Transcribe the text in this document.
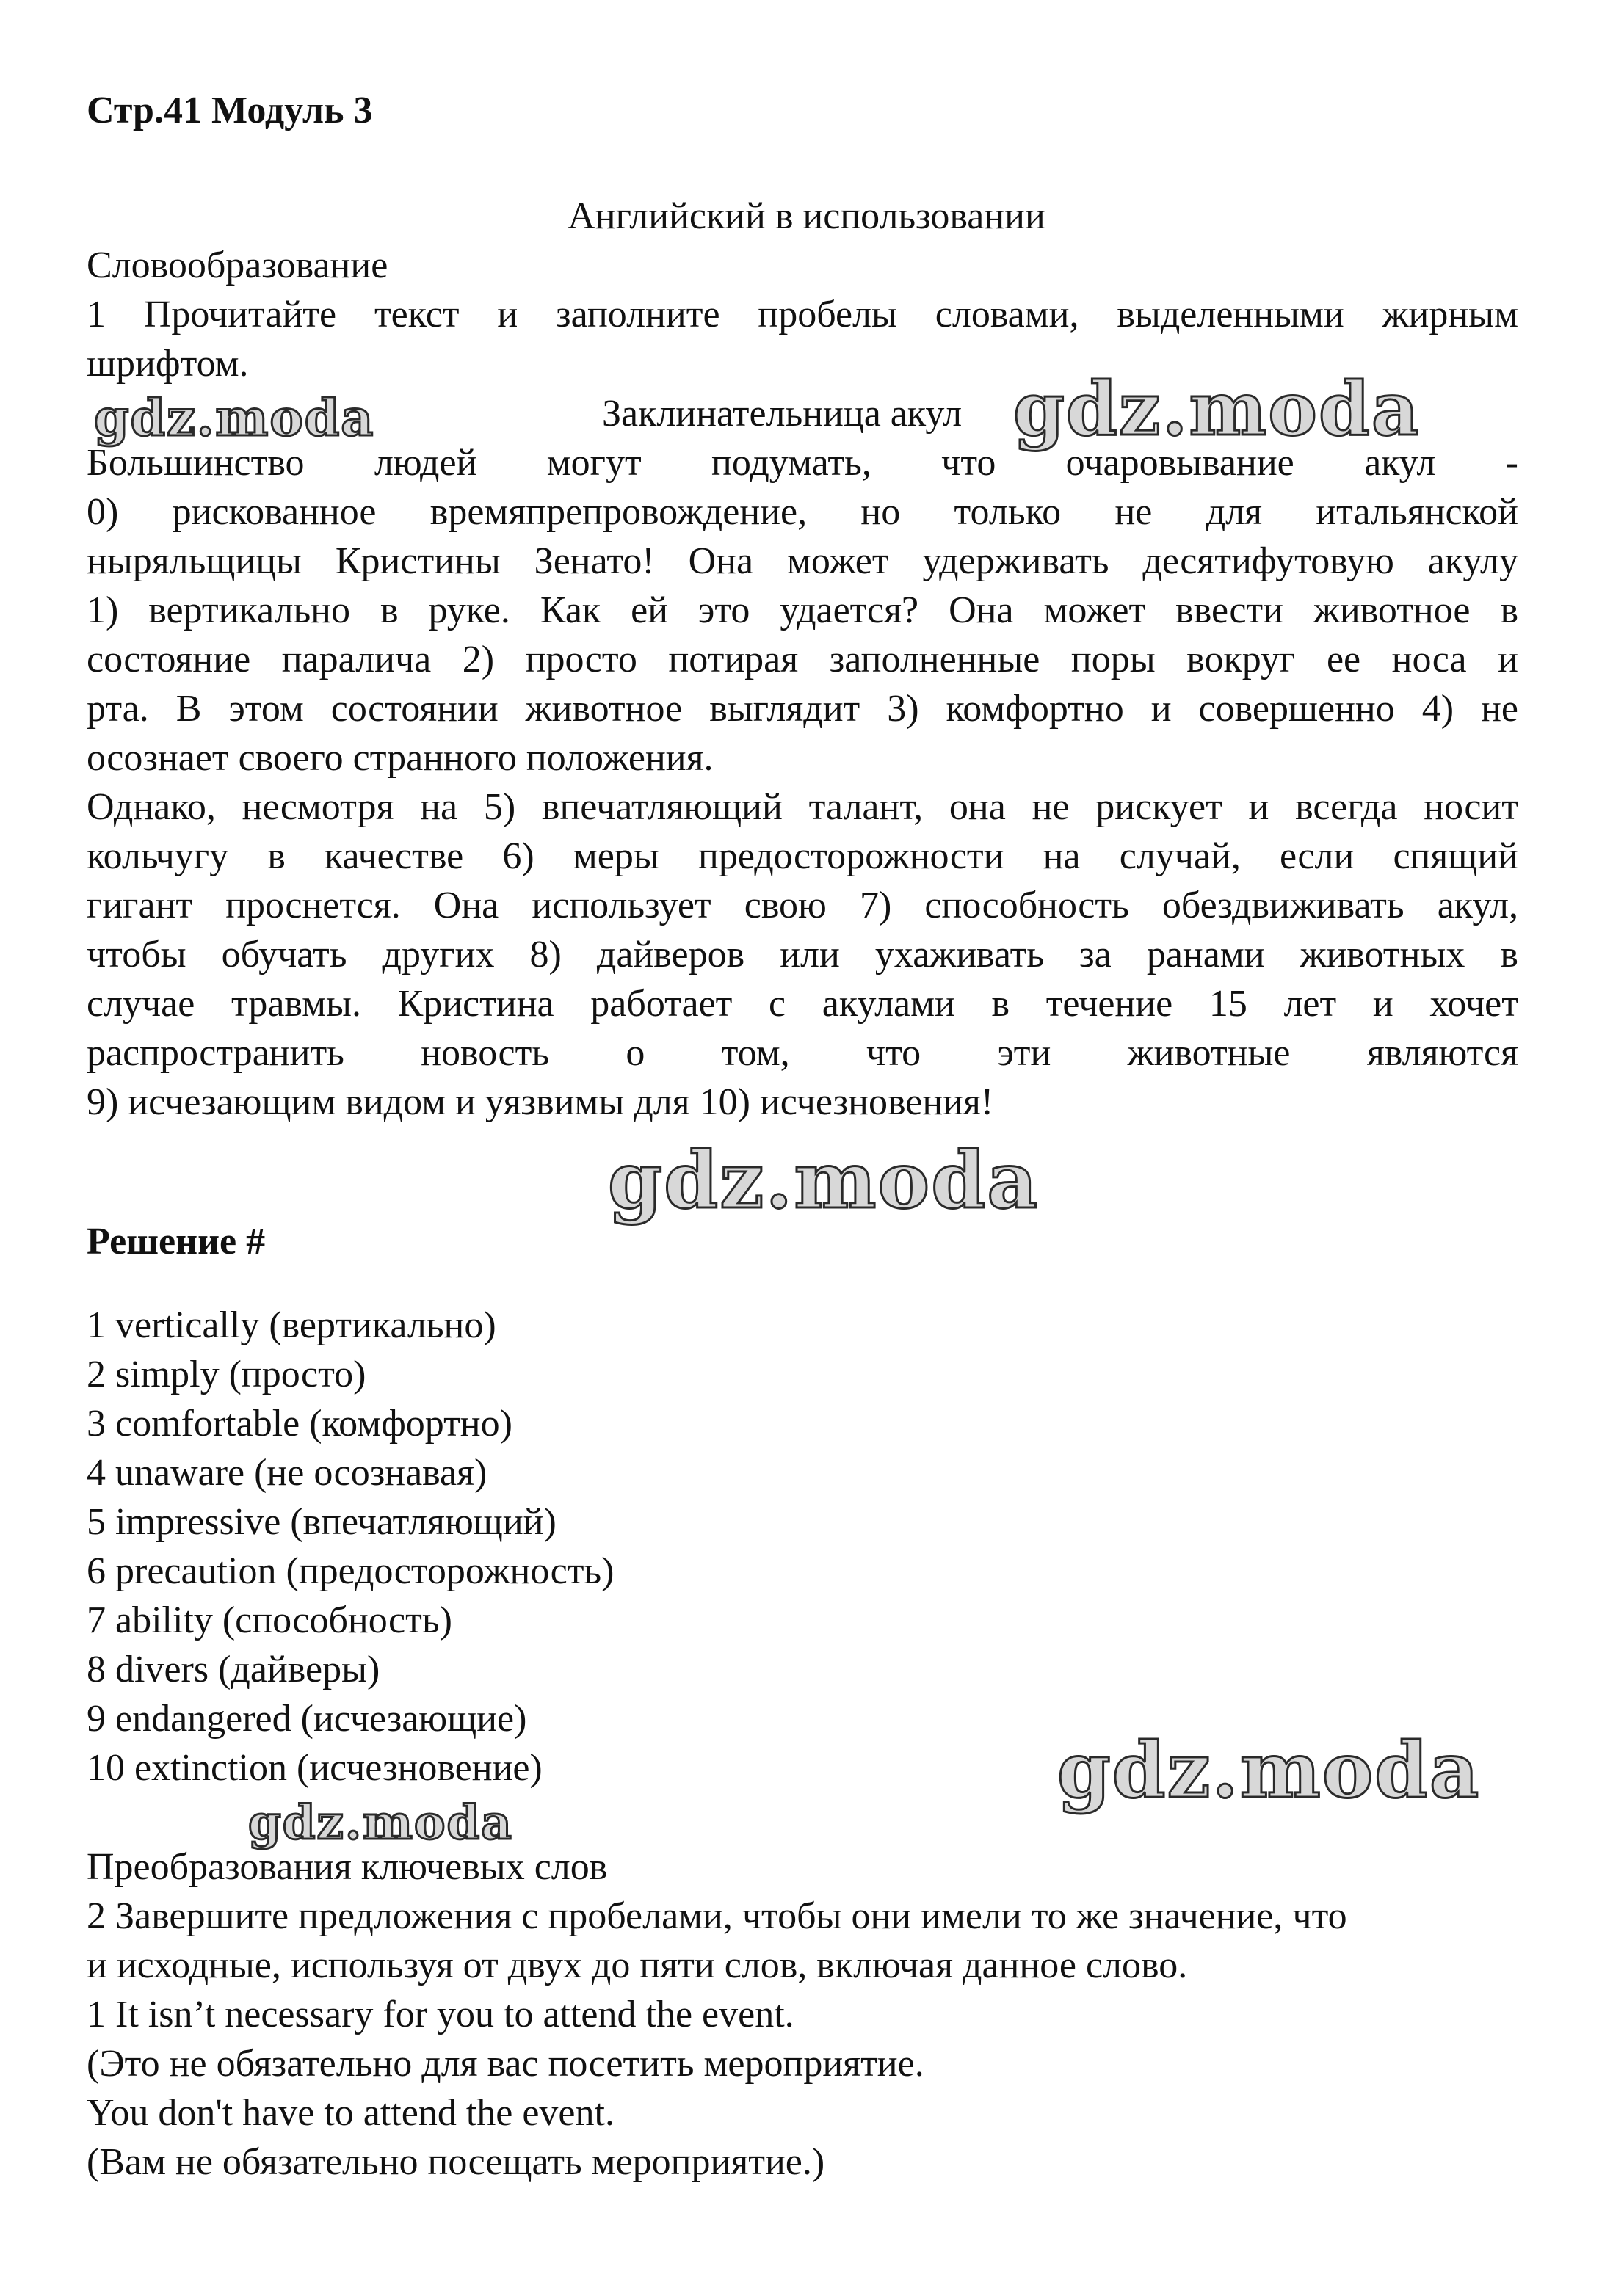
Стр.41 Модуль 3
Английский в использовании
Словообразование
1 Прочитайте текст и заполните пробелы словами, выделенными жирным
шрифтом.
Заклинательница акул
Большинство людей могут подумать, что очаровывание акул -
0) рискованное времяпрепровождение, но только не для итальянской
ныряльщицы Кристины Зенато! Она может удерживать десятифутовую акулу
1) вертикально в руке. Как ей это удается? Она может ввести животное в
состояние паралича 2) просто потирая заполненные поры вокруг ее носа и
рта. В этом состоянии животное выглядит 3) комфортно и совершенно 4) не
осознает своего странного положения.
Однако, несмотря на 5) впечатляющий талант, она не рискует и всегда носит
кольчугу в качестве 6) меры предосторожности на случай, если спящий
гигант проснется. Она использует свою 7) способность обездвиживать акул,
чтобы обучать других 8) дайверов или ухаживать за ранами животных в
случае травмы. Кристина работает с акулами в течение 15 лет и хочет
распространить новость о том, что эти животные являются
9) исчезающим видом и уязвимы для 10) исчезновения!
Решение #
1 vertically (вертикально)
2 simply (просто)
3 comfortable (комфортно)
4 unaware (не осознавая)
5 impressive (впечатляющий)
6 precaution (предосторожность)
7 ability (способность)
8 divers (дайверы)
9 endangered (исчезающие)
10 extinction (исчезновение)
Преобразования ключевых слов
2 Завершите предложения с пробелами, чтобы они имели то же значение, что
и исходные, используя от двух до пяти слов, включая данное слово.
1 It isn’t necessary for you to attend the event.
(Это не обязательно для вас посетить мероприятие.
You don't have to attend the event.
(Вам не обязательно посещать мероприятие.)
gdz.moda	gdz.moda
gdz.moda
gdz.moda
gdz.moda
